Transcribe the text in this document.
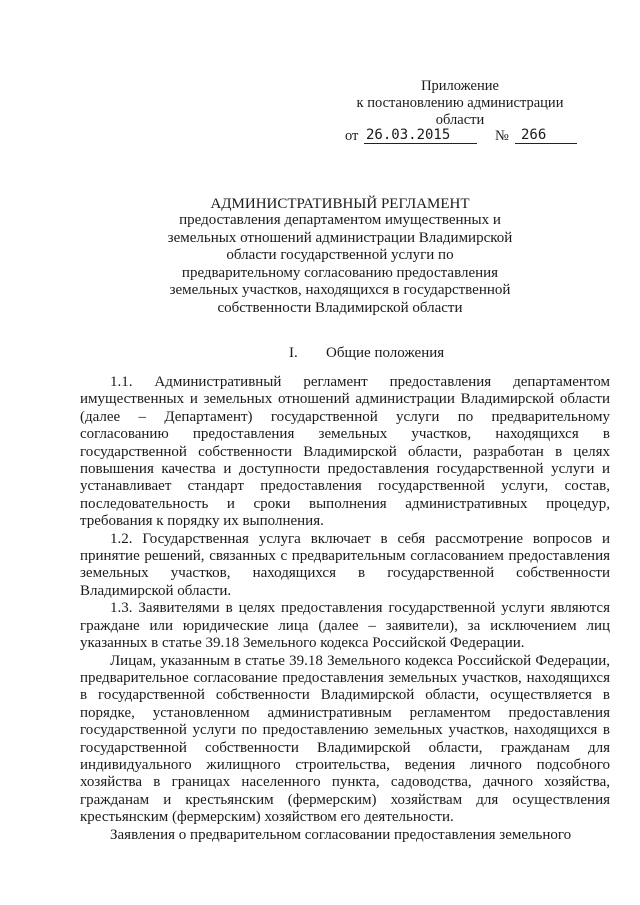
Приложение
к постановлению администрации
области
от 26.03.2015	№ 266
АДМИНИСТРАТИВНЫЙ РЕГЛАМЕНТ
предоставления департаментом имущественных и
земельных отношений администрации Владимирской
области государственной услуги по
предварительному согласованию предоставления
земельных участков, находящихся в государственной
собственности Владимирской области
I. Общие положения

1.1. Административный регламент предоставления департаментом имущественных и земельных отношений администрации Владимирской области (далее – Департамент) государственной услуги по предварительному согласованию предоставления земельных участков, находящихся в государственной собственности Владимирской области, разработан в целях повышения качества и доступности предоставления государственной услуги и устанавливает стандарт предоставления государственной услуги, состав, последовательность и сроки выполнения административных процедур, требования к порядку их выполнения.

1.2. Государственная услуга включает в себя рассмотрение вопросов и принятие решений, связанных с предварительным согласованием предоставления земельных участков, находящихся в государственной собственности Владимирской области.

1.3. Заявителями в целях предоставления государственной услуги являются граждане или юридические лица (далее – заявители), за исключением лиц указанных в статье 39.18 Земельного кодекса Российской Федерации.

Лицам, указанным в статье 39.18 Земельного кодекса Российской Федерации, предварительное согласование предоставления земельных участков, находящихся в государственной собственности Владимирской области, осуществляется в порядке, установленном административным регламентом предоставления государственной услуги по предоставлению земельных участков, находящихся в государственной собственности Владимирской области, гражданам для индивидуального жилищного строительства, ведения личного подсобного хозяйства в границах населенного пункта, садоводства, дачного хозяйства, гражданам и крестьянским (фермерским) хозяйствам для осуществления крестьянским (фермерским) хозяйством его деятельности.

Заявления о предварительном согласовании предоставления земельного
